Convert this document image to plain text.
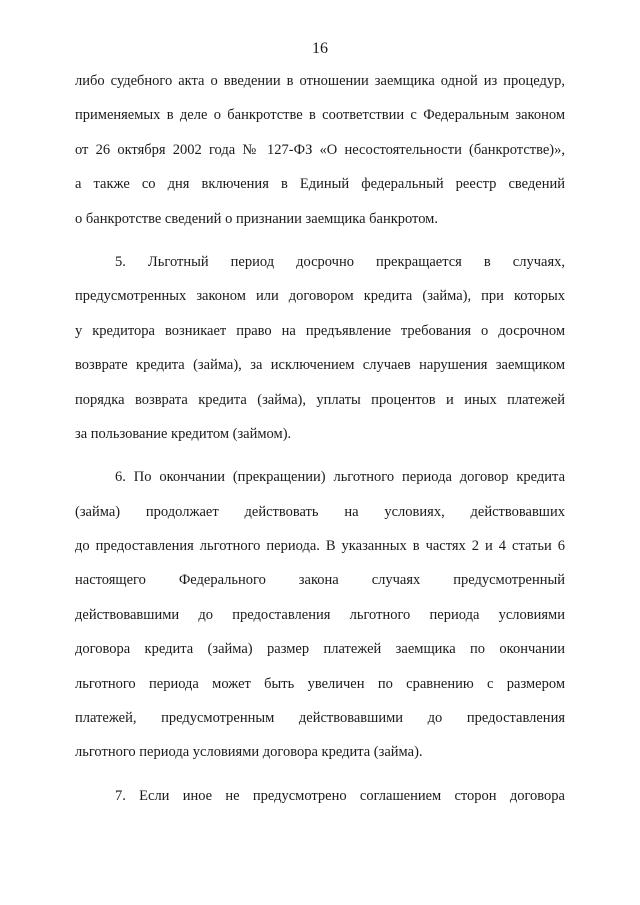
16
либо судебного акта о введении в отношении заемщика одной из процедур,
применяемых в деле о банкротстве в соответствии с Федеральным законом
от 26 октября 2002 года № 127-ФЗ «О несостоятельности (банкротстве)»,
а также со дня включения в Единый федеральный реестр сведений
о банкротстве сведений о признании заемщика банкротом.
5. Льготный период досрочно прекращается в случаях,
предусмотренных законом или договором кредита (займа), при которых
у кредитора возникает право на предъявление требования о досрочном
возврате кредита (займа), за исключением случаев нарушения заемщиком
порядка возврата кредита (займа), уплаты процентов и иных платежей
за пользование кредитом (займом).
6. По окончании (прекращении) льготного периода договор кредита
(займа) продолжает действовать на условиях, действовавших
до предоставления льготного периода. В указанных в частях 2 и 4 статьи 6
настоящего Федерального закона случаях предусмотренный
действовавшими до предоставления льготного периода условиями
договора кредита (займа) размер платежей заемщика по окончании
льготного периода может быть увеличен по сравнению с размером
платежей, предусмотренным действовавшими до предоставления
льготного периода условиями договора кредита (займа).
7. Если иное не предусмотрено соглашением сторон договора
